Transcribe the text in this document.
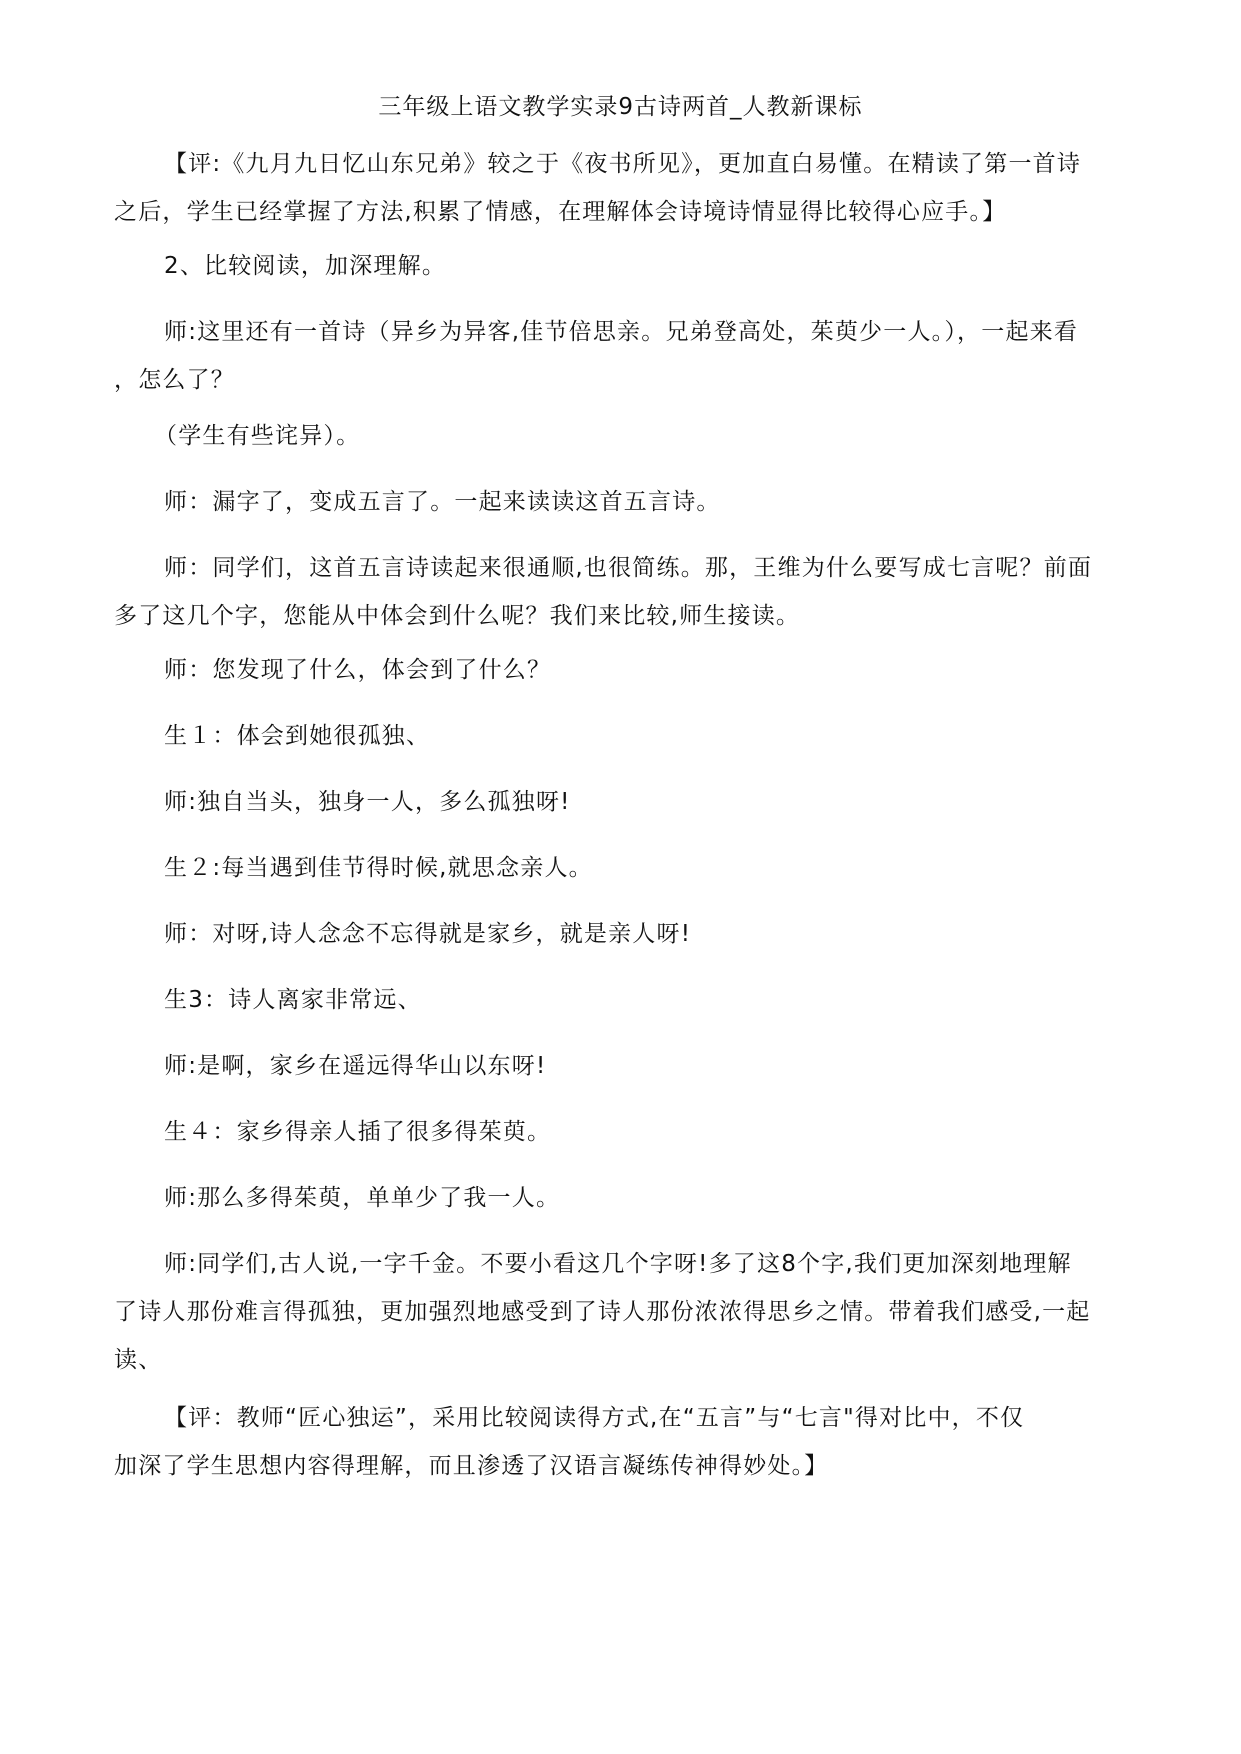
三年级上语文教学实录9古诗两首_人教新课标
【评:《九月九日忆山东兄弟》较之于《夜书所见》，更加直白易懂。在精读了第一首诗
之后，学生已经掌握了方法,积累了情感，在理解体会诗境诗情显得比较得心应手。】
2、比较阅读，加深理解。
师:这里还有一首诗（异乡为异客,佳节倍思亲。兄弟登高处，茱萸少一人。），一起来看
，怎么了？
（学生有些诧异）。
师：漏字了，变成五言了。一起来读读这首五言诗。
师：同学们，这首五言诗读起来很通顺,也很简练。那，王维为什么要写成七言呢？前面
多了这几个字，您能从中体会到什么呢？我们来比较,师生接读。
师：您发现了什么，体会到了什么？
生１：体会到她很孤独、
师:独自当头，独身一人，多么孤独呀!
生２:每当遇到佳节得时候,就思念亲人。
师：对呀,诗人念念不忘得就是家乡，就是亲人呀!
生3：诗人离家非常远、
师:是啊，家乡在遥远得华山以东呀!
生４：家乡得亲人插了很多得茱萸。
师:那么多得茱萸，单单少了我一人。
师:同学们,古人说,一字千金。不要小看这几个字呀!多了这8个字,我们更加深刻地理解
了诗人那份难言得孤独，更加强烈地感受到了诗人那份浓浓得思乡之情。带着我们感受,一起
读、
【评：教师“匠心独运”，采用比较阅读得方式,在“五言”与“七言"得对比中，不仅
加深了学生思想内容得理解，而且渗透了汉语言凝练传神得妙处。】
